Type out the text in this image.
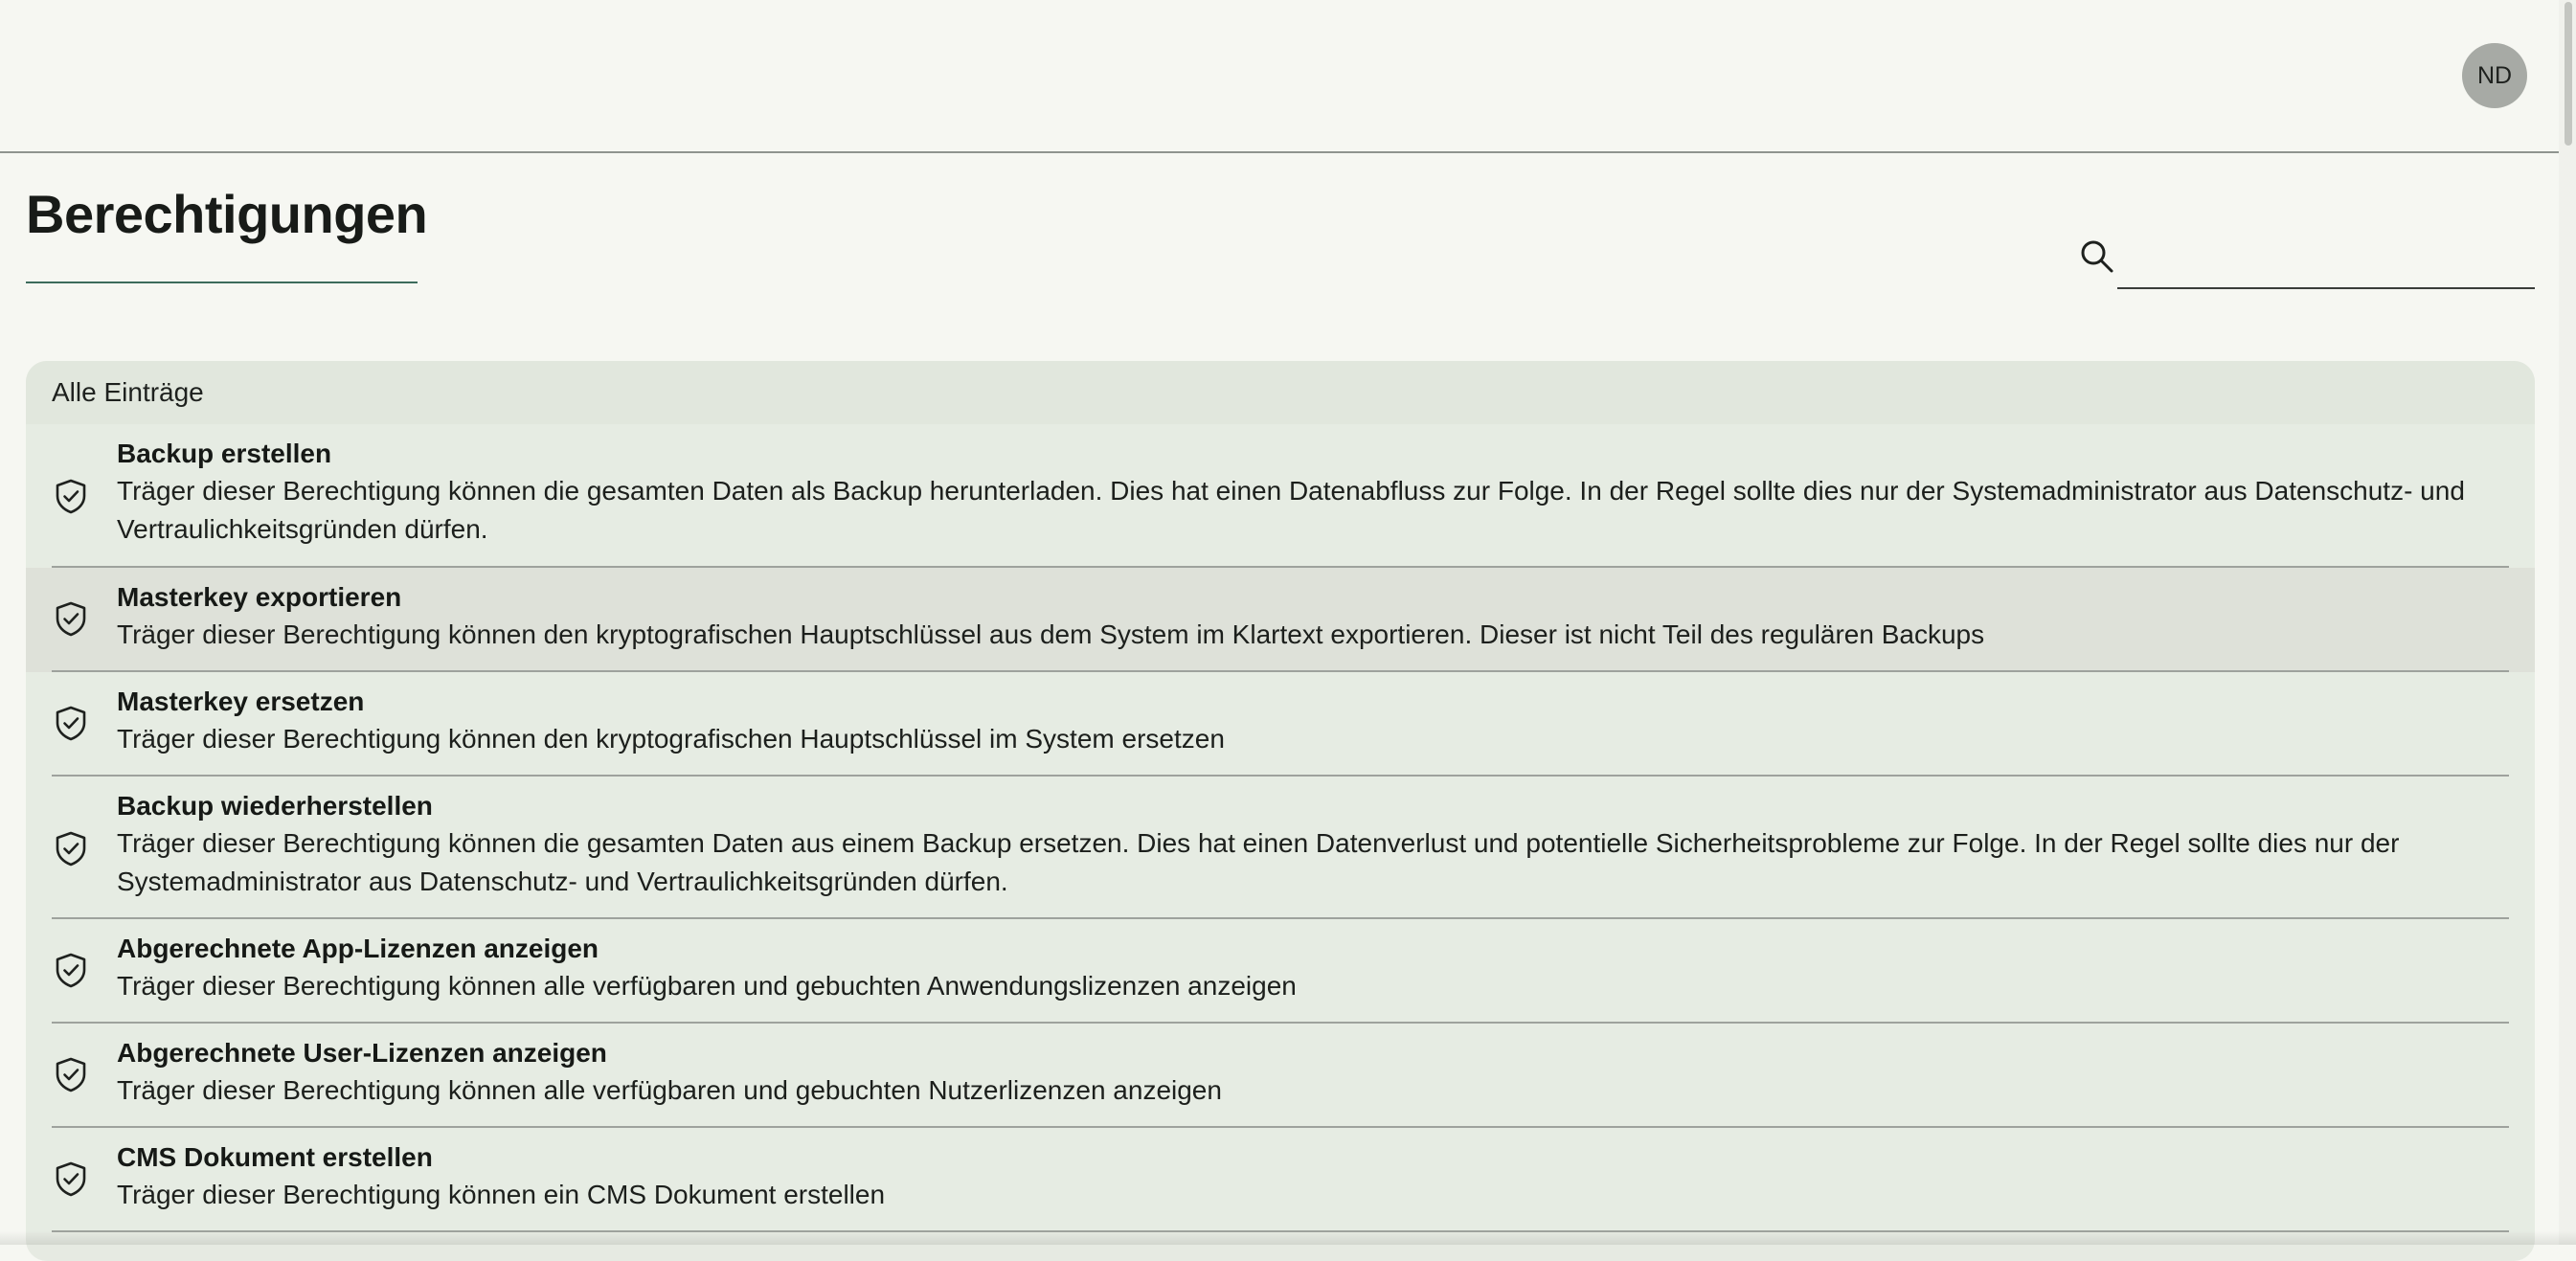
ND
Berechtigungen
Alle Einträge
Backup erstellen
Träger dieser Berechtigung können die gesamten Daten als Backup herunterladen. Dies hat einen Datenabfluss zur Folge. In der Regel sollte dies nur der Systemadministrator aus Datenschutz- und Vertraulichkeitsgründen dürfen.
Masterkey exportieren
Träger dieser Berechtigung können den kryptografischen Hauptschlüssel aus dem System im Klartext exportieren. Dieser ist nicht Teil des regulären Backups
Masterkey ersetzen
Träger dieser Berechtigung können den kryptografischen Hauptschlüssel im System ersetzen
Backup wiederherstellen
Träger dieser Berechtigung können die gesamten Daten aus einem Backup ersetzen. Dies hat einen Datenverlust und potentielle Sicherheitsprobleme zur Folge. In der Regel sollte dies nur der Systemadministrator aus Datenschutz- und Vertraulichkeitsgründen dürfen.
Abgerechnete App-Lizenzen anzeigen
Träger dieser Berechtigung können alle verfügbaren und gebuchten Anwendungslizenzen anzeigen
Abgerechnete User-Lizenzen anzeigen
Träger dieser Berechtigung können alle verfügbaren und gebuchten Nutzerlizenzen anzeigen
CMS Dokument erstellen
Träger dieser Berechtigung können ein CMS Dokument erstellen
